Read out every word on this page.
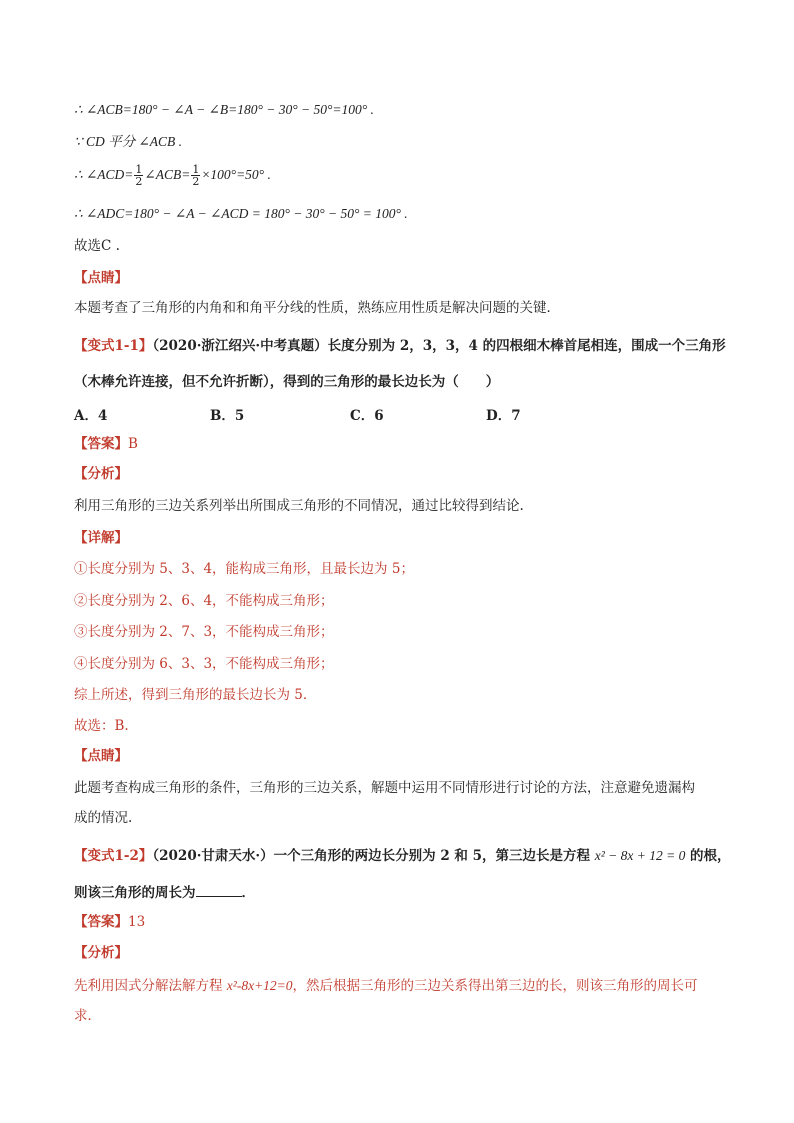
∴ ∠ACB=180° − ∠A − ∠B=180° − 30° − 50°=100° .
∵ CD 平分 ∠ACB .
∴ ∠ACD= $\frac{1}{2}$ ∠ACB= $\frac{1}{2} \times 100^\circ=50^\circ$ .
∴ ∠ADC=180° − ∠A − ∠ACD = 180° − 30° − 50° = 100° .
故选C .
【点睛】
本题考查了三角形的内角和和角平分线的性质，熟练应用性质是解决问题的关键．
【变式1-1】（2020·浙江绍兴·中考真题）长度分别为 2，3，3，4 的四根细木棒首尾相连，围成一个三角形
（木棒允许连接，但不允许折断），得到的三角形的最长边长为（　　）
A．4	B．5	C．6	D．7
【答案】B
【分析】
利用三角形的三边关系列举出所围成三角形的不同情况，通过比较得到结论.
【详解】
①长度分别为 5、3、4，能构成三角形，且最长边为 5；
②长度分别为 2、6、4，不能构成三角形；
③长度分别为 2、7、3，不能构成三角形；
④长度分别为 6、3、3，不能构成三角形；
综上所述，得到三角形的最长边长为 5．
故选：B.
【点睛】
此题考查构成三角形的条件，三角形的三边关系，解题中运用不同情形进行讨论的方法，注意避免遗漏构
成的情况.
【变式1-2】（2020·甘肃天水·）一个三角形的两边长分别为 2 和 5，第三边长是方程 x² − 8x + 12 = 0 的根，
则该三角形的周长为	．
【答案】13
【分析】
先利用因式分解法解方程 x²-8x+12=0，然后根据三角形的三边关系得出第三边的长，则该三角形的周长可
求．
